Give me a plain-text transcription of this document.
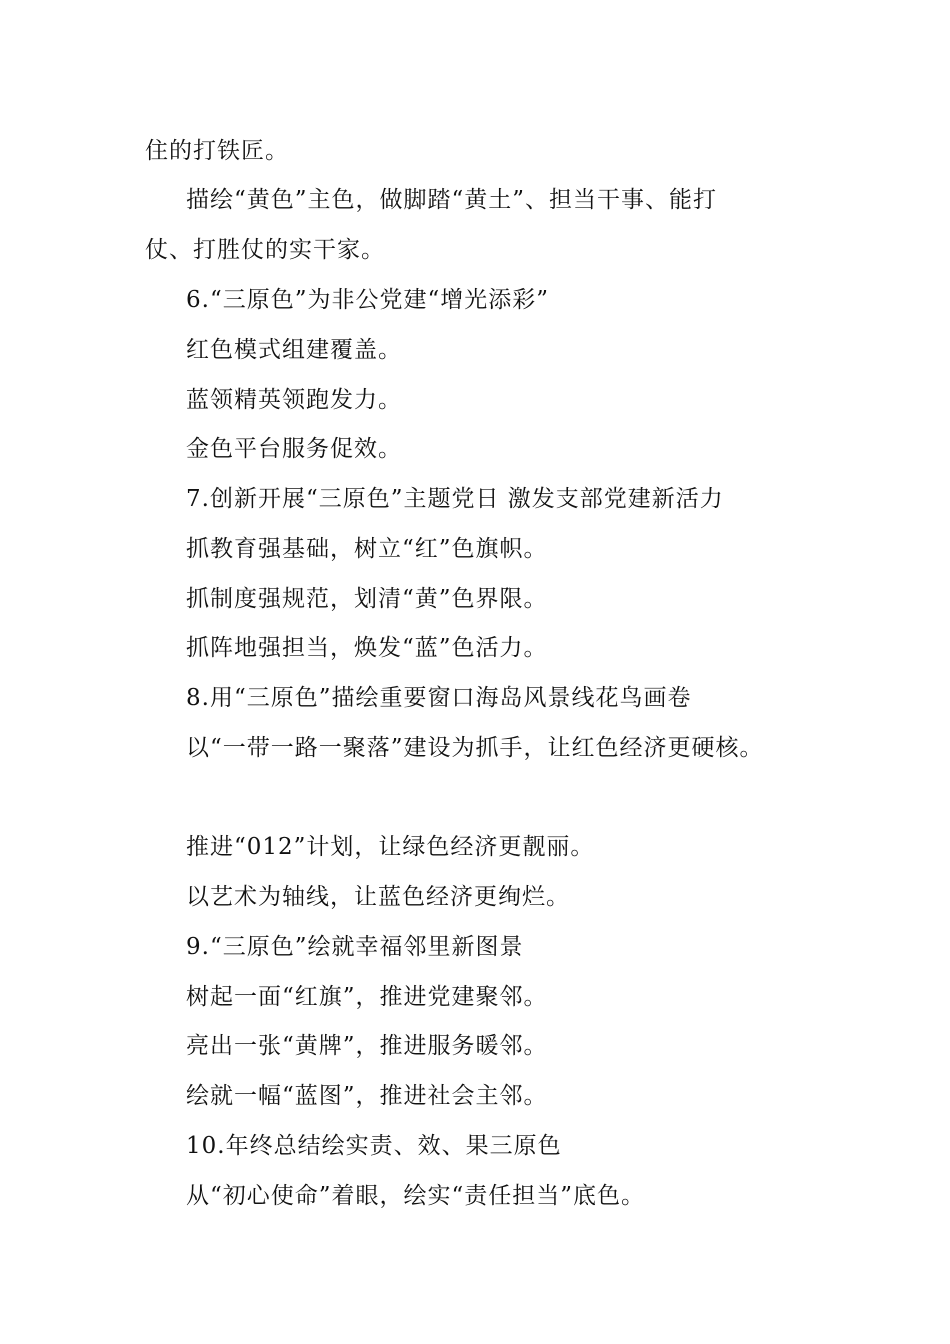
住的打铁匠。
描绘“黄色”主色，做脚踏“黄土”、担当干事、能打
仗、打胜仗的实干家。
6.“三原色”为非公党建“增光添彩”
红色模式组建覆盖。
蓝领精英领跑发力。
金色平台服务促效。
7.创新开展“三原色”主题党日 激发支部党建新活力
抓教育强基础，树立“红”色旗帜。
抓制度强规范，划清“黄”色界限。
抓阵地强担当，焕发“蓝”色活力。
8.用“三原色”描绘重要窗口海岛风景线花鸟画卷
以“一带一路一聚落”建设为抓手，让红色经济更硬核。
推进“012”计划，让绿色经济更靓丽。
以艺术为轴线，让蓝色经济更绚烂。
9.“三原色”绘就幸福邻里新图景
树起一面“红旗”，推进党建聚邻。
亮出一张“黄牌”，推进服务暖邻。
绘就一幅“蓝图”，推进社会主邻。
10.年终总结绘实责、效、果三原色
从“初心使命”着眼，绘实“责任担当”底色。
